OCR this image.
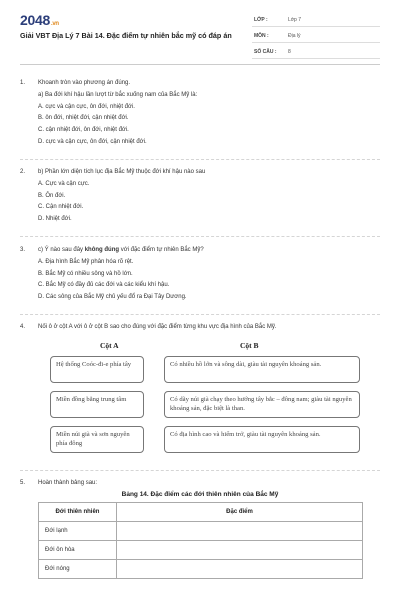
2048.vn
Giải VBT Địa Lý 7 Bài 14. Đặc điểm tự nhiên bắc mỹ có đáp án
LỚP :	Lớp 7
MÔN :	Địa lý
SỐ CÂU : 8
1. Khoanh tròn vào phương án đúng.
a) Ba đới khí hậu lần lượt từ bắc xuống nam của Bắc Mỹ là:
A. cực và cận cực, ôn đới, nhiệt đới.
B. ôn đới, nhiệt đới, cận nhiệt đới.
C. cận nhiệt đới, ôn đới, nhiệt đới.
D. cực và cận cực, ôn đới, cận nhiệt đới.
2. b) Phần lớn diện tích lục địa Bắc Mỹ thuộc đới khí hậu nào sau
A. Cực và cận cực.
B. Ôn đới.
C. Cận nhiệt đới.
D. Nhiệt đới.
3. c) Ý nào sau đây không đúng với đặc điểm tự nhiên Bắc Mỹ?
A. Địa hình Bắc Mỹ phân hóa rõ rệt.
B. Bắc Mỹ có nhiều sông và hồ lớn.
C. Bắc Mỹ có đầy đủ các đới và các kiểu khí hậu.
D. Các sông của Bắc Mỹ chủ yếu đổ ra Đại Tây Dương.
4. Nối ô ở cột A với ô ở cột B sao cho đúng với đặc điểm từng khu vực địa hình của Bắc Mỹ.
Cột A	Cột B
Hệ thống Coóc-đi-e phía tây
Miền đồng bằng trung tâm
Miền núi già và sơn nguyên phía đông
Có nhiều hồ lớn và sông dài, giàu tài nguyên khoáng sản.
Có dãy núi già chạy theo hướng tây bắc – đông nam; giàu tài nguyên khoáng sản, đặc biệt là than.
Có địa hình cao và hiểm trở, giàu tài nguyên khoáng sản.
5. Hoàn thành bảng sau:
Bảng 14. Đặc điểm các đới thiên nhiên của Bắc Mỹ
Đới thiên nhiên	Đặc điểm
Đới lạnh	
Đới ôn hòa	
Đới nóng	
